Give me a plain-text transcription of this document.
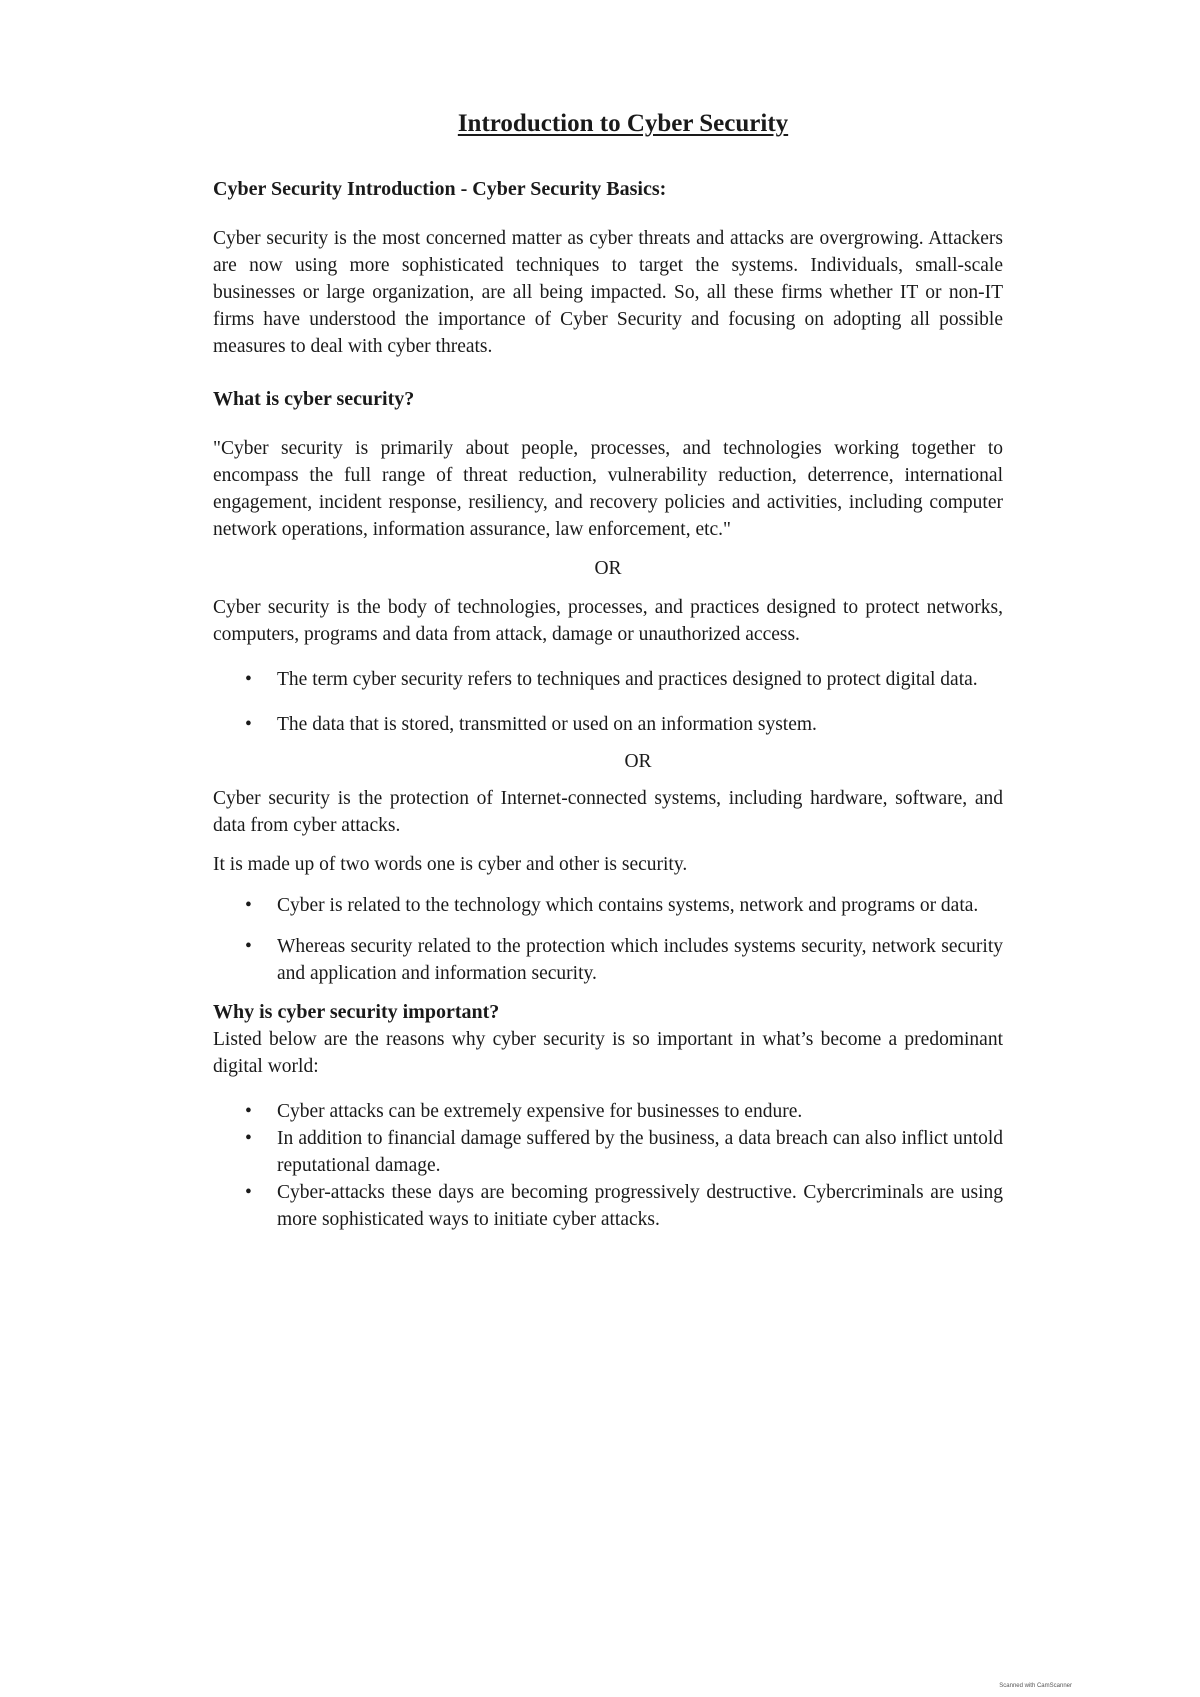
Introduction to Cyber Security
Cyber Security Introduction - Cyber Security Basics:

Cyber security is the most concerned matter as cyber threats and attacks are overgrowing. Attackers are now using more sophisticated techniques to target the systems. Individuals, small-scale businesses or large organization, are all being impacted. So, all these firms whether IT or non-IT firms have understood the importance of Cyber Security and focusing on adopting all possible measures to deal with cyber threats.

What is cyber security?

"Cyber security is primarily about people, processes, and technologies working together to encompass the full range of threat reduction, vulnerability reduction, deterrence, international engagement, incident response, resiliency, and recovery policies and activities, including computer network operations, information assurance, law enforcement, etc."

OR

Cyber security is the body of technologies, processes, and practices designed to protect networks, computers, programs and data from attack, damage or unauthorized access.

• The term cyber security refers to techniques and practices designed to protect digital data.
• The data that is stored, transmitted or used on an information system.
OR

Cyber security is the protection of Internet-connected systems, including hardware, software, and data from cyber attacks.

It is made up of two words one is cyber and other is security.

• Cyber is related to the technology which contains systems, network and programs or data.
• Whereas security related to the protection which includes systems security, network security and application and information security.
Why is cyber security important?

Listed below are the reasons why cyber security is so important in what’s become a predominant digital world:

• Cyber attacks can be extremely expensive for businesses to endure.
• In addition to financial damage suffered by the business, a data breach can also inflict untold reputational damage.
• Cyber-attacks these days are becoming progressively destructive. Cybercriminals are using more sophisticated ways to initiate cyber attacks.
Scanned with CamScanner
